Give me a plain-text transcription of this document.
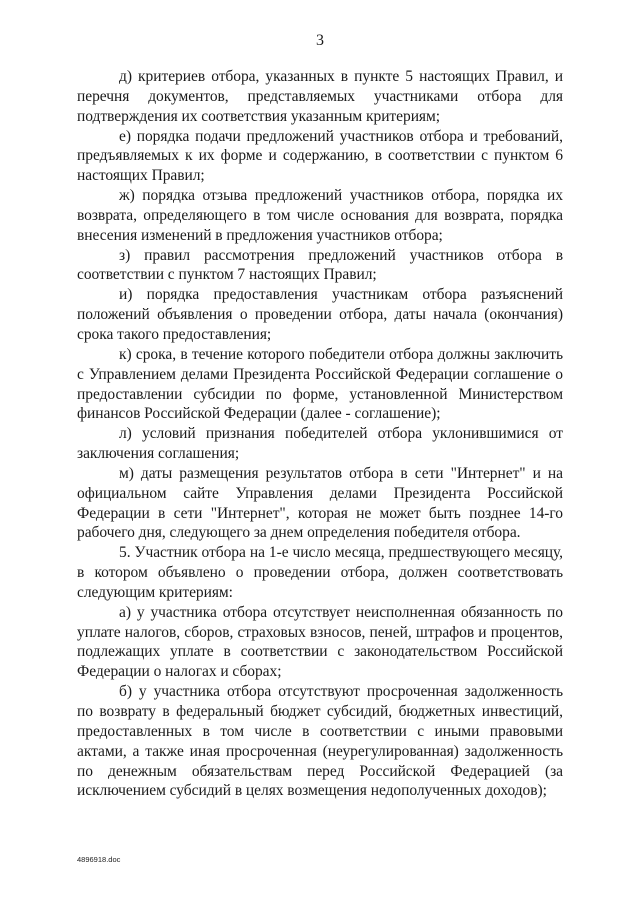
3

д) критериев отбора, указанных в пункте 5 настоящих Правил, и перечня документов, представляемых участниками отбора для подтверждения их соответствия указанным критериям;

е) порядка подачи предложений участников отбора и требований, предъявляемых к их форме и содержанию, в соответствии с пунктом 6 настоящих Правил;

ж) порядка отзыва предложений участников отбора, порядка их возврата, определяющего в том числе основания для возврата, порядка внесения изменений в предложения участников отбора;

з) правил рассмотрения предложений участников отбора в соответствии с пунктом 7 настоящих Правил;

и) порядка предоставления участникам отбора разъяснений положений объявления о проведении отбора, даты начала (окончания) срока такого предоставления;

к) срока, в течение которого победители отбора должны заключить с Управлением делами Президента Российской Федерации соглашение о предоставлении субсидии по форме, установленной Министерством финансов Российской Федерации (далее - соглашение);

л) условий признания победителей отбора уклонившимися от заключения соглашения;

м) даты размещения результатов отбора в сети "Интернет" и на официальном сайте Управления делами Президента Российской Федерации в сети "Интернет", которая не может быть позднее 14-го рабочего дня, следующего за днем определения победителя отбора.

5. Участник отбора на 1-е число месяца, предшествующего месяцу, в котором объявлено о проведении отбора, должен соответствовать следующим критериям:

а) у участника отбора отсутствует неисполненная обязанность по уплате налогов, сборов, страховых взносов, пеней, штрафов и процентов, подлежащих уплате в соответствии с законодательством Российской Федерации о налогах и сборах;

б) у участника отбора отсутствуют просроченная задолженность по возврату в федеральный бюджет субсидий, бюджетных инвестиций, предоставленных в том числе в соответствии с иными правовыми актами, а также иная просроченная (неурегулированная) задолженность по денежным обязательствам перед Российской Федерацией (за исключением субсидий в целях возмещения недополученных доходов);

4896918.doc
